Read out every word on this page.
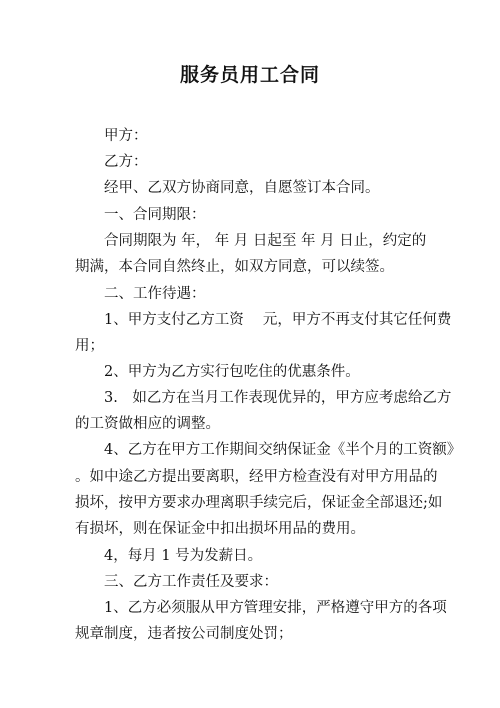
服务员用工合同
甲方：
乙方：
经甲、乙双方协商同意，自愿签订本合同。
一、合同期限：
合同期限为 年， 年 月 日起至 年 月 日止，约定的
期满，本合同自然终止，如双方同意，可以续签。
二、工作待遇：
1、甲方支付乙方工资　 元，甲方不再支付其它任何费
用；
2、甲方为乙方实行包吃住的优惠条件。
3.　如乙方在当月工作表现优异的，甲方应考虑给乙方
的工资做相应的调整。
4、乙方在甲方工作期间交纳保证金《半个月的工资额》
。如中途乙方提出要离职，经甲方检查没有对甲方用品的
损坏，按甲方要求办理离职手续完后，保证金全部退还;如
有损坏，则在保证金中扣出损坏用品的费用。
4，每月 1 号为发薪日。
三、乙方工作责任及要求：
1、乙方必须服从甲方管理安排，严格遵守甲方的各项
规章制度，违者按公司制度处罚；
